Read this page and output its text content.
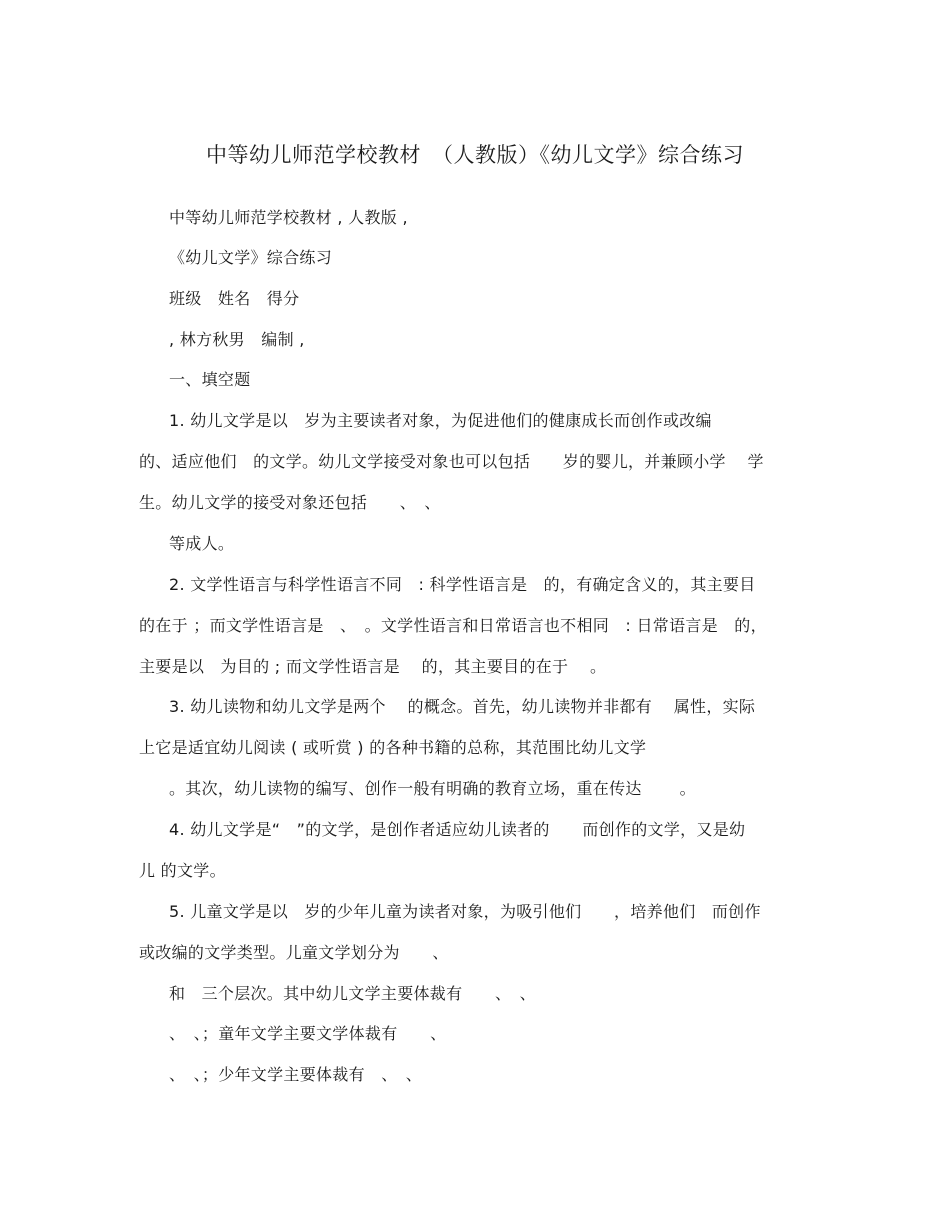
中等幼儿师范学校教材　（人教版）《幼儿文学》综合练习
中等幼儿师范学校教材 , 人教版 ,
《幼儿文学》综合练习
班级　姓名　得分
, 林方秋男　编制 ,
一、填空题
1. 幼儿文学是以　岁为主要读者对象，为促进他们的健康成长而创作或改编
的、适应他们　的文学。幼儿文学接受对象也可以包括　　岁的婴儿，并兼顾小学　 学
生。幼儿文学的接受对象还包括　　、　、
等成人。
2. 文学性语言与科学性语言不同　: 科学性语言是　的，有确定含义的，其主要目
的在于 ；而文学性语言是　、　。文学性语言和日常语言也不相同　: 日常语言是　的，
主要是以　为目的 ; 而文学性语言是　 的，其主要目的在于　 。
3. 幼儿读物和幼儿文学是两个　 的概念。首先，幼儿读物并非都有　 属性，实际
上它是适宜幼儿阅读 ( 或听赏 ) 的各种书籍的总称，其范围比幼儿文学
。其次，幼儿读物的编写、创作一般有明确的教育立场，重在传达　　 。
4. 幼儿文学是“　”的文学，是创作者适应幼儿读者的　　而创作的文学，又是幼
儿 的文学。
5. 儿童文学是以　岁的少年儿童为读者对象，为吸引他们　　，培养他们　而创作
或改编的文学类型。儿童文学划分为　　、
和　三个层次。其中幼儿文学主要体裁有　　、　、
、　、；童年文学主要文学体裁有　　、
、　、；少年文学主要体裁有　、　、
